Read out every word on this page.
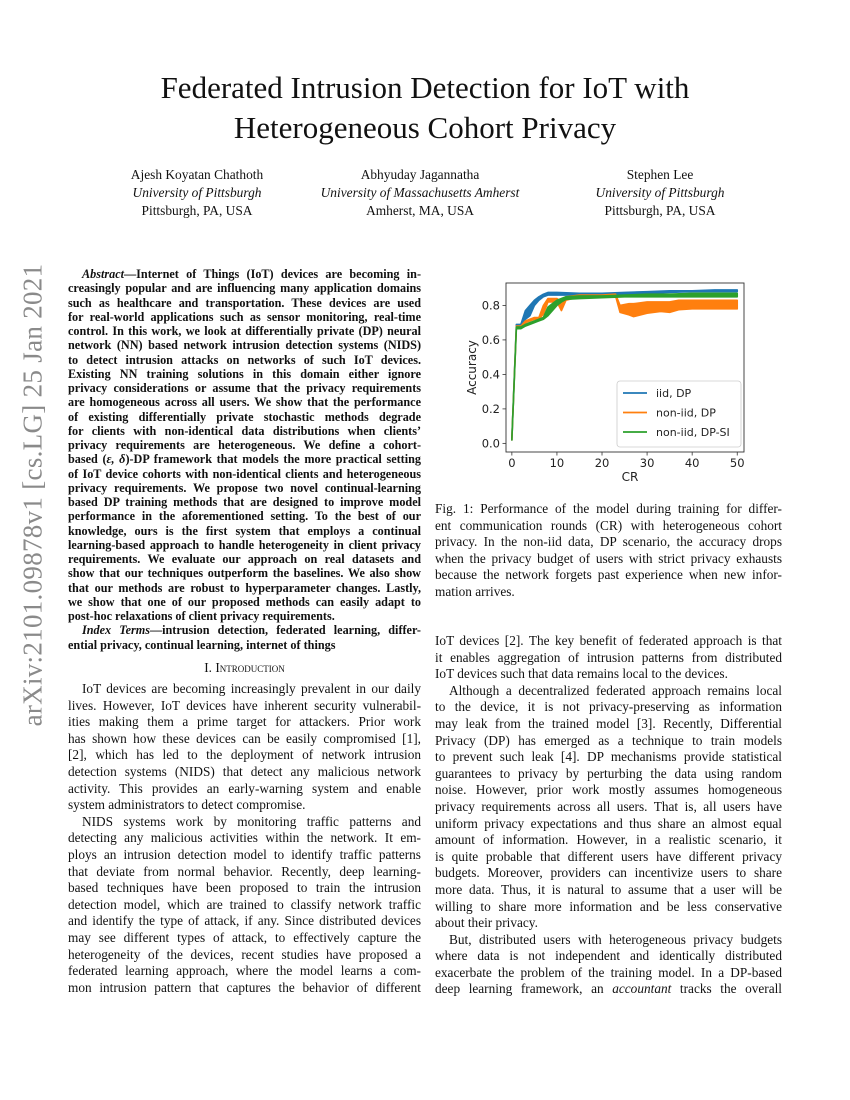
Federated Intrusion Detection for IoT with
Heterogeneous Cohort Privacy
Ajesh Koyatan Chathoth
University of Pittsburgh
Pittsburgh, PA, USA
Abhyuday Jagannatha
University of Massachusetts Amherst
Amherst, MA, USA
Stephen Lee
University of Pittsburgh
Pittsburgh, PA, USA
arXiv:2101.09878v1 [cs.LG] 25 Jan 2021	Abstract—Internet of Things (IoT) devices are becoming in-
creasingly popular and are influencing many application domains
such as healthcare and transportation. These devices are used
for real-world applications such as sensor monitoring, real-time
control. In this work, we look at differentially private (DP) neural
network (NN) based network intrusion detection systems (NIDS)
to detect intrusion attacks on networks of such IoT devices.
Existing NN training solutions in this domain either ignore
privacy considerations or assume that the privacy requirements
are homogeneous across all users. We show that the performance
of existing differentially private stochastic methods degrade
for clients with non-identical data distributions when clients’
privacy requirements are heterogeneous. We define a cohort-
based (ε, δ)-DP framework that models the more practical setting
of IoT device cohorts with non-identical clients and heterogeneous
privacy requirements. We propose two novel continual-learning
based DP training methods that are designed to improve model
performance in the aforementioned setting. To the best of our
knowledge, ours is the first system that employs a continual
learning-based approach to handle heterogeneity in client privacy
requirements. We evaluate our approach on real datasets and
show that our techniques outperform the baselines. We also show
that our methods are robust to hyperparameter changes. Lastly,
we show that one of our proposed methods can easily adapt to
post-hoc relaxations of client privacy requirements.
Index Terms—intrusion detection, federated learning, differ-
ential privacy, continual learning, internet of things
I. Introduction
IoT devices are becoming increasingly prevalent in our daily
lives. However, IoT devices have inherent security vulnerabil-
ities making them a prime target for attackers. Prior work
has shown how these devices can be easily compromised [1],
[2], which has led to the deployment of network intrusion
detection systems (NIDS) that detect any malicious network
activity. This provides an early-warning system and enable
system administrators to detect compromise.
NIDS systems work by monitoring traffic patterns and
detecting any malicious activities within the network. It em-
ploys an intrusion detection model to identify traffic patterns
that deviate from normal behavior. Recently, deep learning-
based techniques have been proposed to train the intrusion
detection model, which are trained to classify network traffic
and identify the type of attack, if any. Since distributed devices
may see different types of attack, to effectively capture the
heterogeneity of the devices, recent studies have proposed a
federated learning approach, where the model learns a com-
mon intrusion pattern that captures the behavior of different
0	10	20	30	40	50
0.0
0.2
0.4
0.6
0.8
CR
Accuracy	iid, DP
non-iid, DP
non-iid, DP-SI
Fig. 1: Performance of the model during training for differ-
ent communication rounds (CR) with heterogeneous cohort
privacy. In the non-iid data, DP scenario, the accuracy drops
when the privacy budget of users with strict privacy exhausts
because the network forgets past experience when new infor-
mation arrives.
IoT devices [2]. The key benefit of federated approach is that
it enables aggregation of intrusion patterns from distributed
IoT devices such that data remains local to the devices.
Although a decentralized federated approach remains local
to the device, it is not privacy-preserving as information
may leak from the trained model [3]. Recently, Differential
Privacy (DP) has emerged as a technique to train models
to prevent such leak [4]. DP mechanisms provide statistical
guarantees to privacy by perturbing the data using random
noise. However, prior work mostly assumes homogeneous
privacy requirements across all users. That is, all users have
uniform privacy expectations and thus share an almost equal
amount of information. However, in a realistic scenario, it
is quite probable that different users have different privacy
budgets. Moreover, providers can incentivize users to share
more data. Thus, it is natural to assume that a user will be
willing to share more information and be less conservative
about their privacy.
But, distributed users with heterogeneous privacy budgets
where data is not independent and identically distributed
exacerbate the problem of the training model. In a DP-based
deep learning framework, an accountant tracks the overall
